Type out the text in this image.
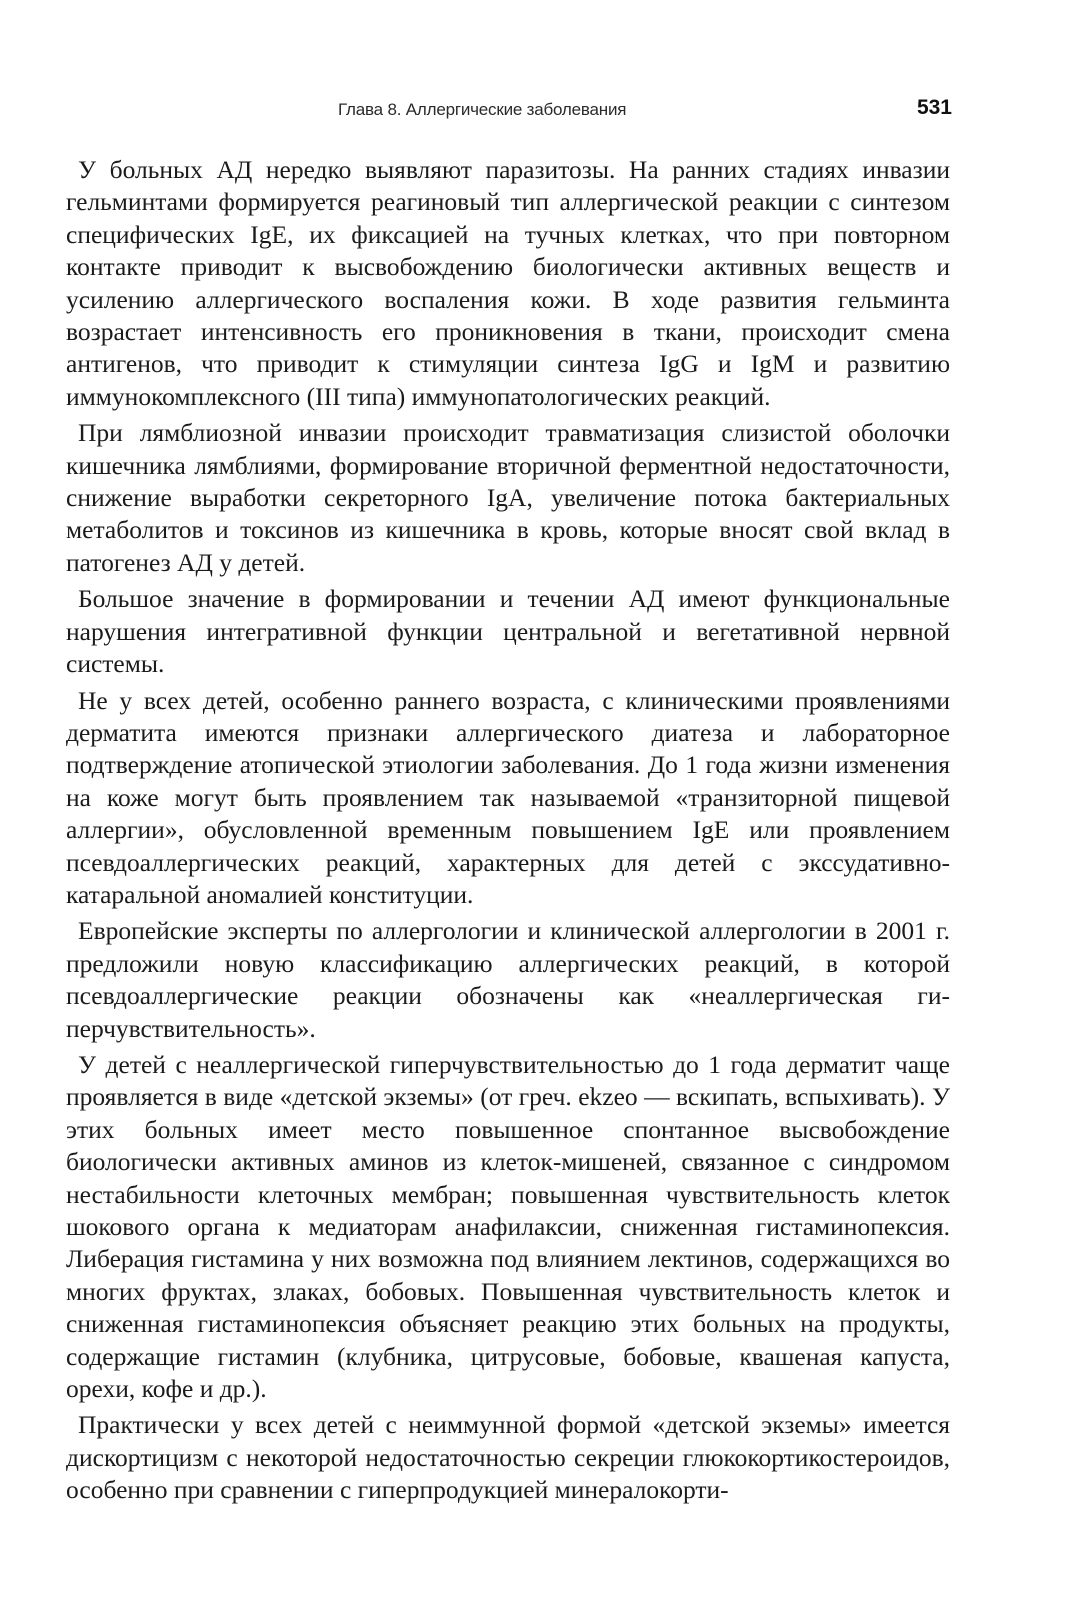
Глава 8. Аллергические заболевания	531

У больных АД нередко выявляют паразитозы. На ранних стадиях инвазии гельминтами формируется реагиновый тип аллергической реакции с синтезом специфических IgE, их фиксацией на тучных клетках, что при повторном контакте приводит к высвобождению биологически активных веществ и усилению аллергического воспаления кожи. В ходе развития гельминта возрастает интенсивность его проникновения в ткани, происходит смена антигенов, что приводит к стимуляции синтеза IgG и IgM и развитию иммунокомплексного (III типа) иммунопатологических реакций.

При лямблиозной инвазии происходит травматизация слизистой оболочки кишечника лямблиями, формирование вторичной ферментной недостаточности, снижение выработки секреторного IgA, увеличение потока бактериальных метаболитов и токсинов из кишечника в кровь, которые вносят свой вклад в патогенез АД у детей.

Большое значение в формировании и течении АД имеют функциональные нарушения интегративной функции центральной и вегетативной нервной системы.

Не у всех детей, особенно раннего возраста, с клиническими проявлениями дерматита имеются признаки аллергического диатеза и лабораторное подтверждение атопической этиологии заболевания. До 1 года жизни изменения на коже могут быть проявлением так называемой «транзиторной пищевой аллергии», обусловленной временным повышением IgE или проявлением псевдоаллергических реакций, характерных для детей с экссудативно-катаральной аномалией конституции.

Европейские эксперты по аллергологии и клинической аллергологии в 2001 г. предложили новую классификацию аллергических реакций, в которой псевдоаллергические реакции обозначены как «неаллергическая гиперчувствительность».

У детей с неаллергической гиперчувствительностью до 1 года дерматит чаще проявляется в виде «детской экземы» (от греч. ekzeo — вскипать, вспыхивать). У этих больных имеет место повышенное спонтанное высвобождение биологически активных аминов из клеток-мишеней, связанное с синдромом нестабильности клеточных мембран; повышенная чувствительность клеток шокового органа к медиаторам анафилаксии, сниженная гистаминопексия. Либерация гистамина у них возможна под влиянием лектинов, содержащихся во многих фруктах, злаках, бобовых. Повышенная чувствительность клеток и сниженная гистаминопексия объясняет реакцию этих больных на продукты, содержащие гистамин (клубника, цитрусовые, бобовые, квашеная капуста, орехи, кофе и др.).

Практически у всех детей с неиммунной формой «детской экземы» имеется дискортицизм с некоторой недостаточностью секреции глюкокортикостероидов, особенно при сравнении с гиперпродукцией минералокорти-
